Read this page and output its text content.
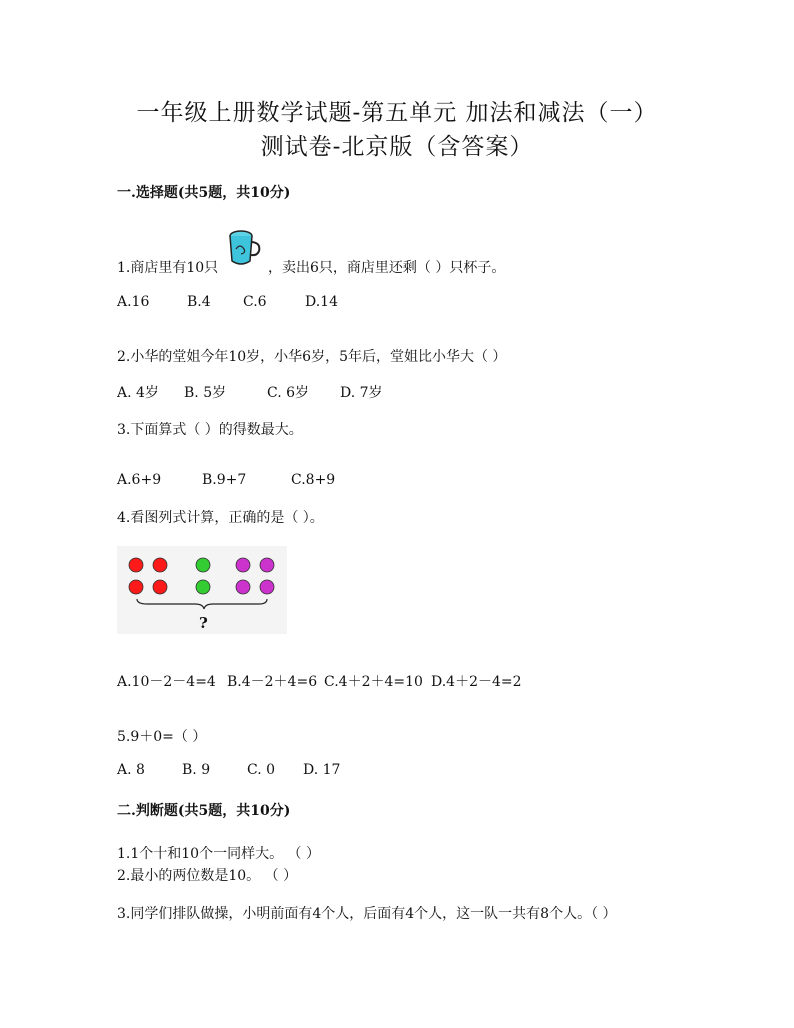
一年级上册数学试题-第五单元 加法和减法（一）
测试卷-北京版（含答案）
一.选择题(共5题，共10分)
1.商店里有10只	，卖出6只，商店里还剩（ ）只杯子。
A.16	B.4	C.6	D.14
2.小华的堂姐今年10岁，小华6岁，5年后，堂姐比小华大（ ）
A. 4岁	B. 5岁	C. 6岁	D. 7岁
3.下面算式（ ）的得数最大。
A.6+9	B.9+7	C.8+9
4.看图列式计算，正确的是（ ）。
?
A.10－2－4=4 B.4－2＋4=6 C.4＋2＋4=10 D.4＋2－4=2
5.9＋0=（ ）
A. 8	B. 9	C. 0	D. 17
二.判断题(共5题，共10分)
1.1个十和10个一同样大。 （ ）
2.最小的两位数是10。 （ ）
3.同学们排队做操，小明前面有4个人，后面有4个人，这一队一共有8个人。（ ）
